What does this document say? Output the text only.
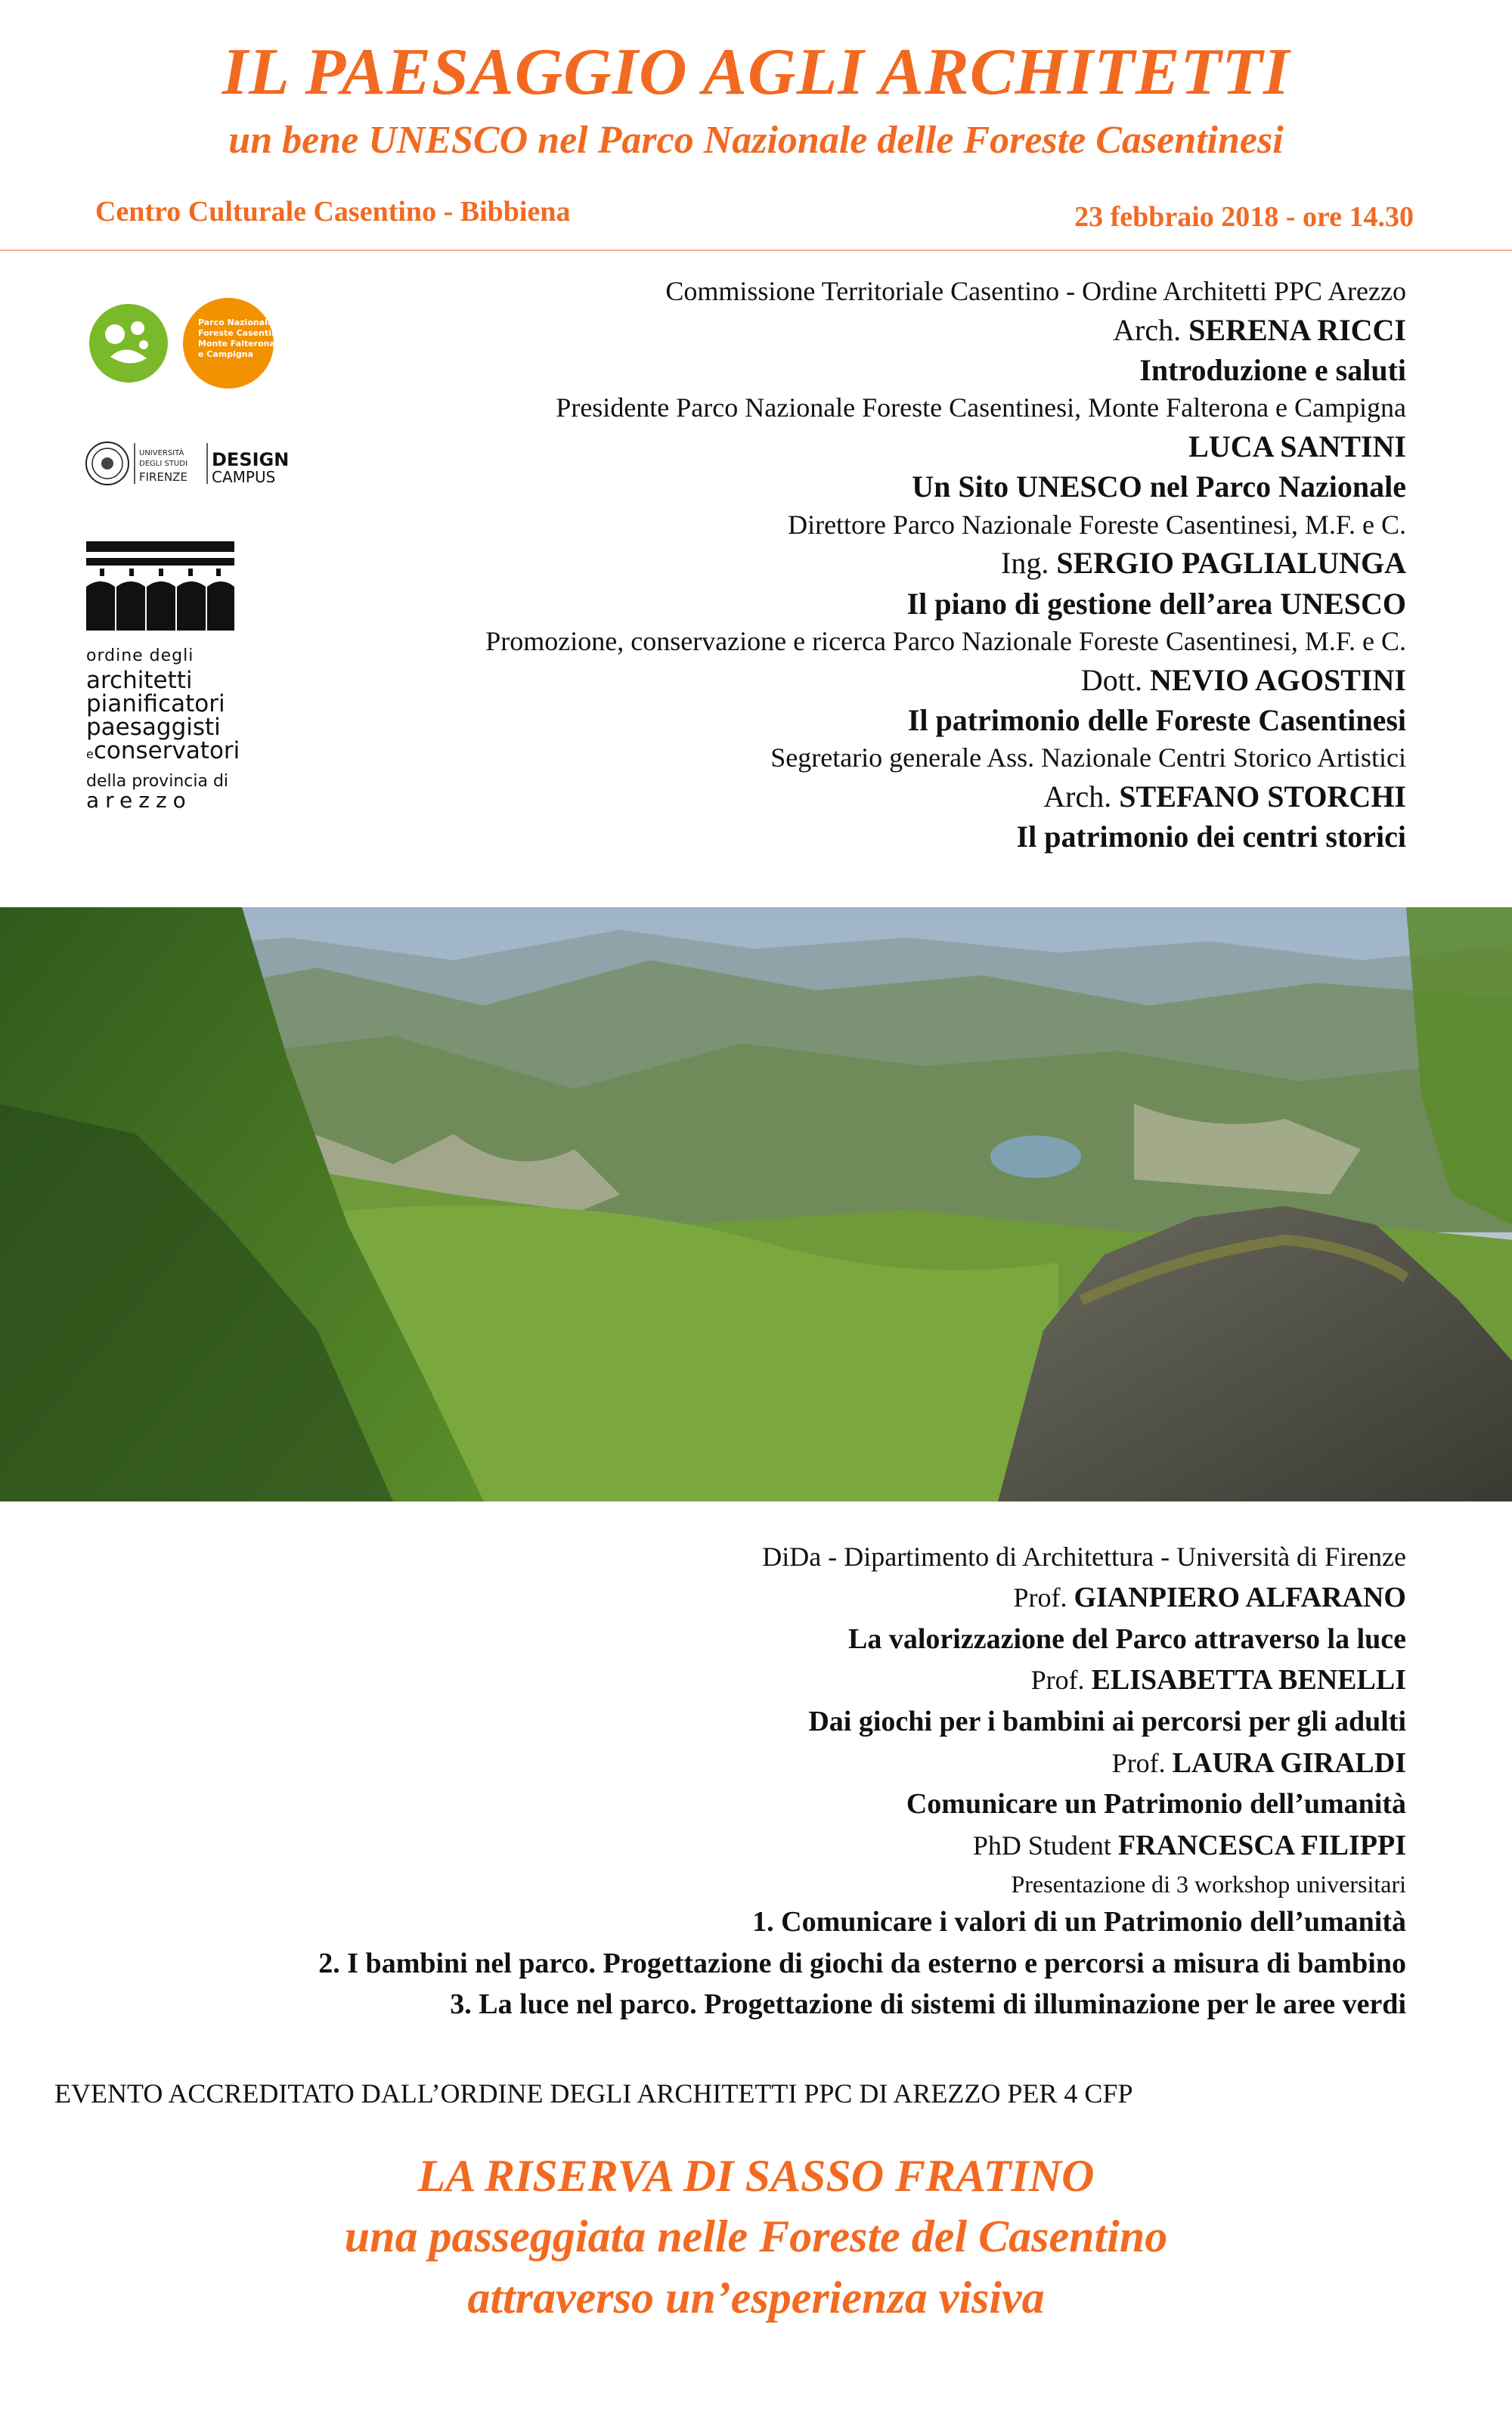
IL PAESAGGIO AGLI ARCHITETTI
un bene UNESCO nel Parco Nazionale delle Foreste Casentinesi
Centro Culturale Casentino - Bibbiena	23 febbraio 2018 - ore 14.30
Parco Nazionale
Foreste Casentinesi
Monte Falterona
e Campigna
UNIVERSITÀ
DEGLI STUDI
FIRENZE
DESIGN
CAMPUS
ordine degli
architetti
pianificatori
paesaggisti
econservatori
della provincia di
arezzo
Commissione Territoriale Casentino - Ordine Architetti PPC Arezzo
Arch. SERENA RICCI
Introduzione e saluti
Presidente Parco Nazionale Foreste Casentinesi, Monte Falterona e Campigna
LUCA SANTINI
Un Sito UNESCO nel Parco Nazionale
Direttore Parco Nazionale Foreste Casentinesi, M.F. e C.
Ing. SERGIO PAGLIALUNGA
Il piano di gestione dell’area UNESCO
Promozione, conservazione e ricerca Parco Nazionale Foreste Casentinesi, M.F. e C.
Dott. NEVIO AGOSTINI
Il patrimonio delle Foreste Casentinesi
Segretario generale Ass. Nazionale Centri Storico Artistici
Arch. STEFANO STORCHI
Il patrimonio dei centri storici
DiDa - Dipartimento di Architettura - Università di Firenze
Prof. GIANPIERO ALFARANO
La valorizzazione del Parco attraverso la luce
Prof. ELISABETTA BENELLI
Dai giochi per i bambini ai percorsi per gli adulti
Prof. LAURA GIRALDI
Comunicare un Patrimonio dell’umanità
PhD Student FRANCESCA FILIPPI
Presentazione di 3 workshop universitari
1. Comunicare i valori di un Patrimonio dell’umanità
2. I bambini nel parco. Progettazione di giochi da esterno e percorsi a misura di bambino
3. La luce nel parco. Progettazione di sistemi di illuminazione per le aree verdi
EVENTO ACCREDITATO DALL’ORDINE DEGLI ARCHITETTI PPC DI AREZZO PER 4 CFP
LA RISERVA DI SASSO FRATINO
una passeggiata nelle Foreste del Casentino
attraverso un’esperienza visiva
